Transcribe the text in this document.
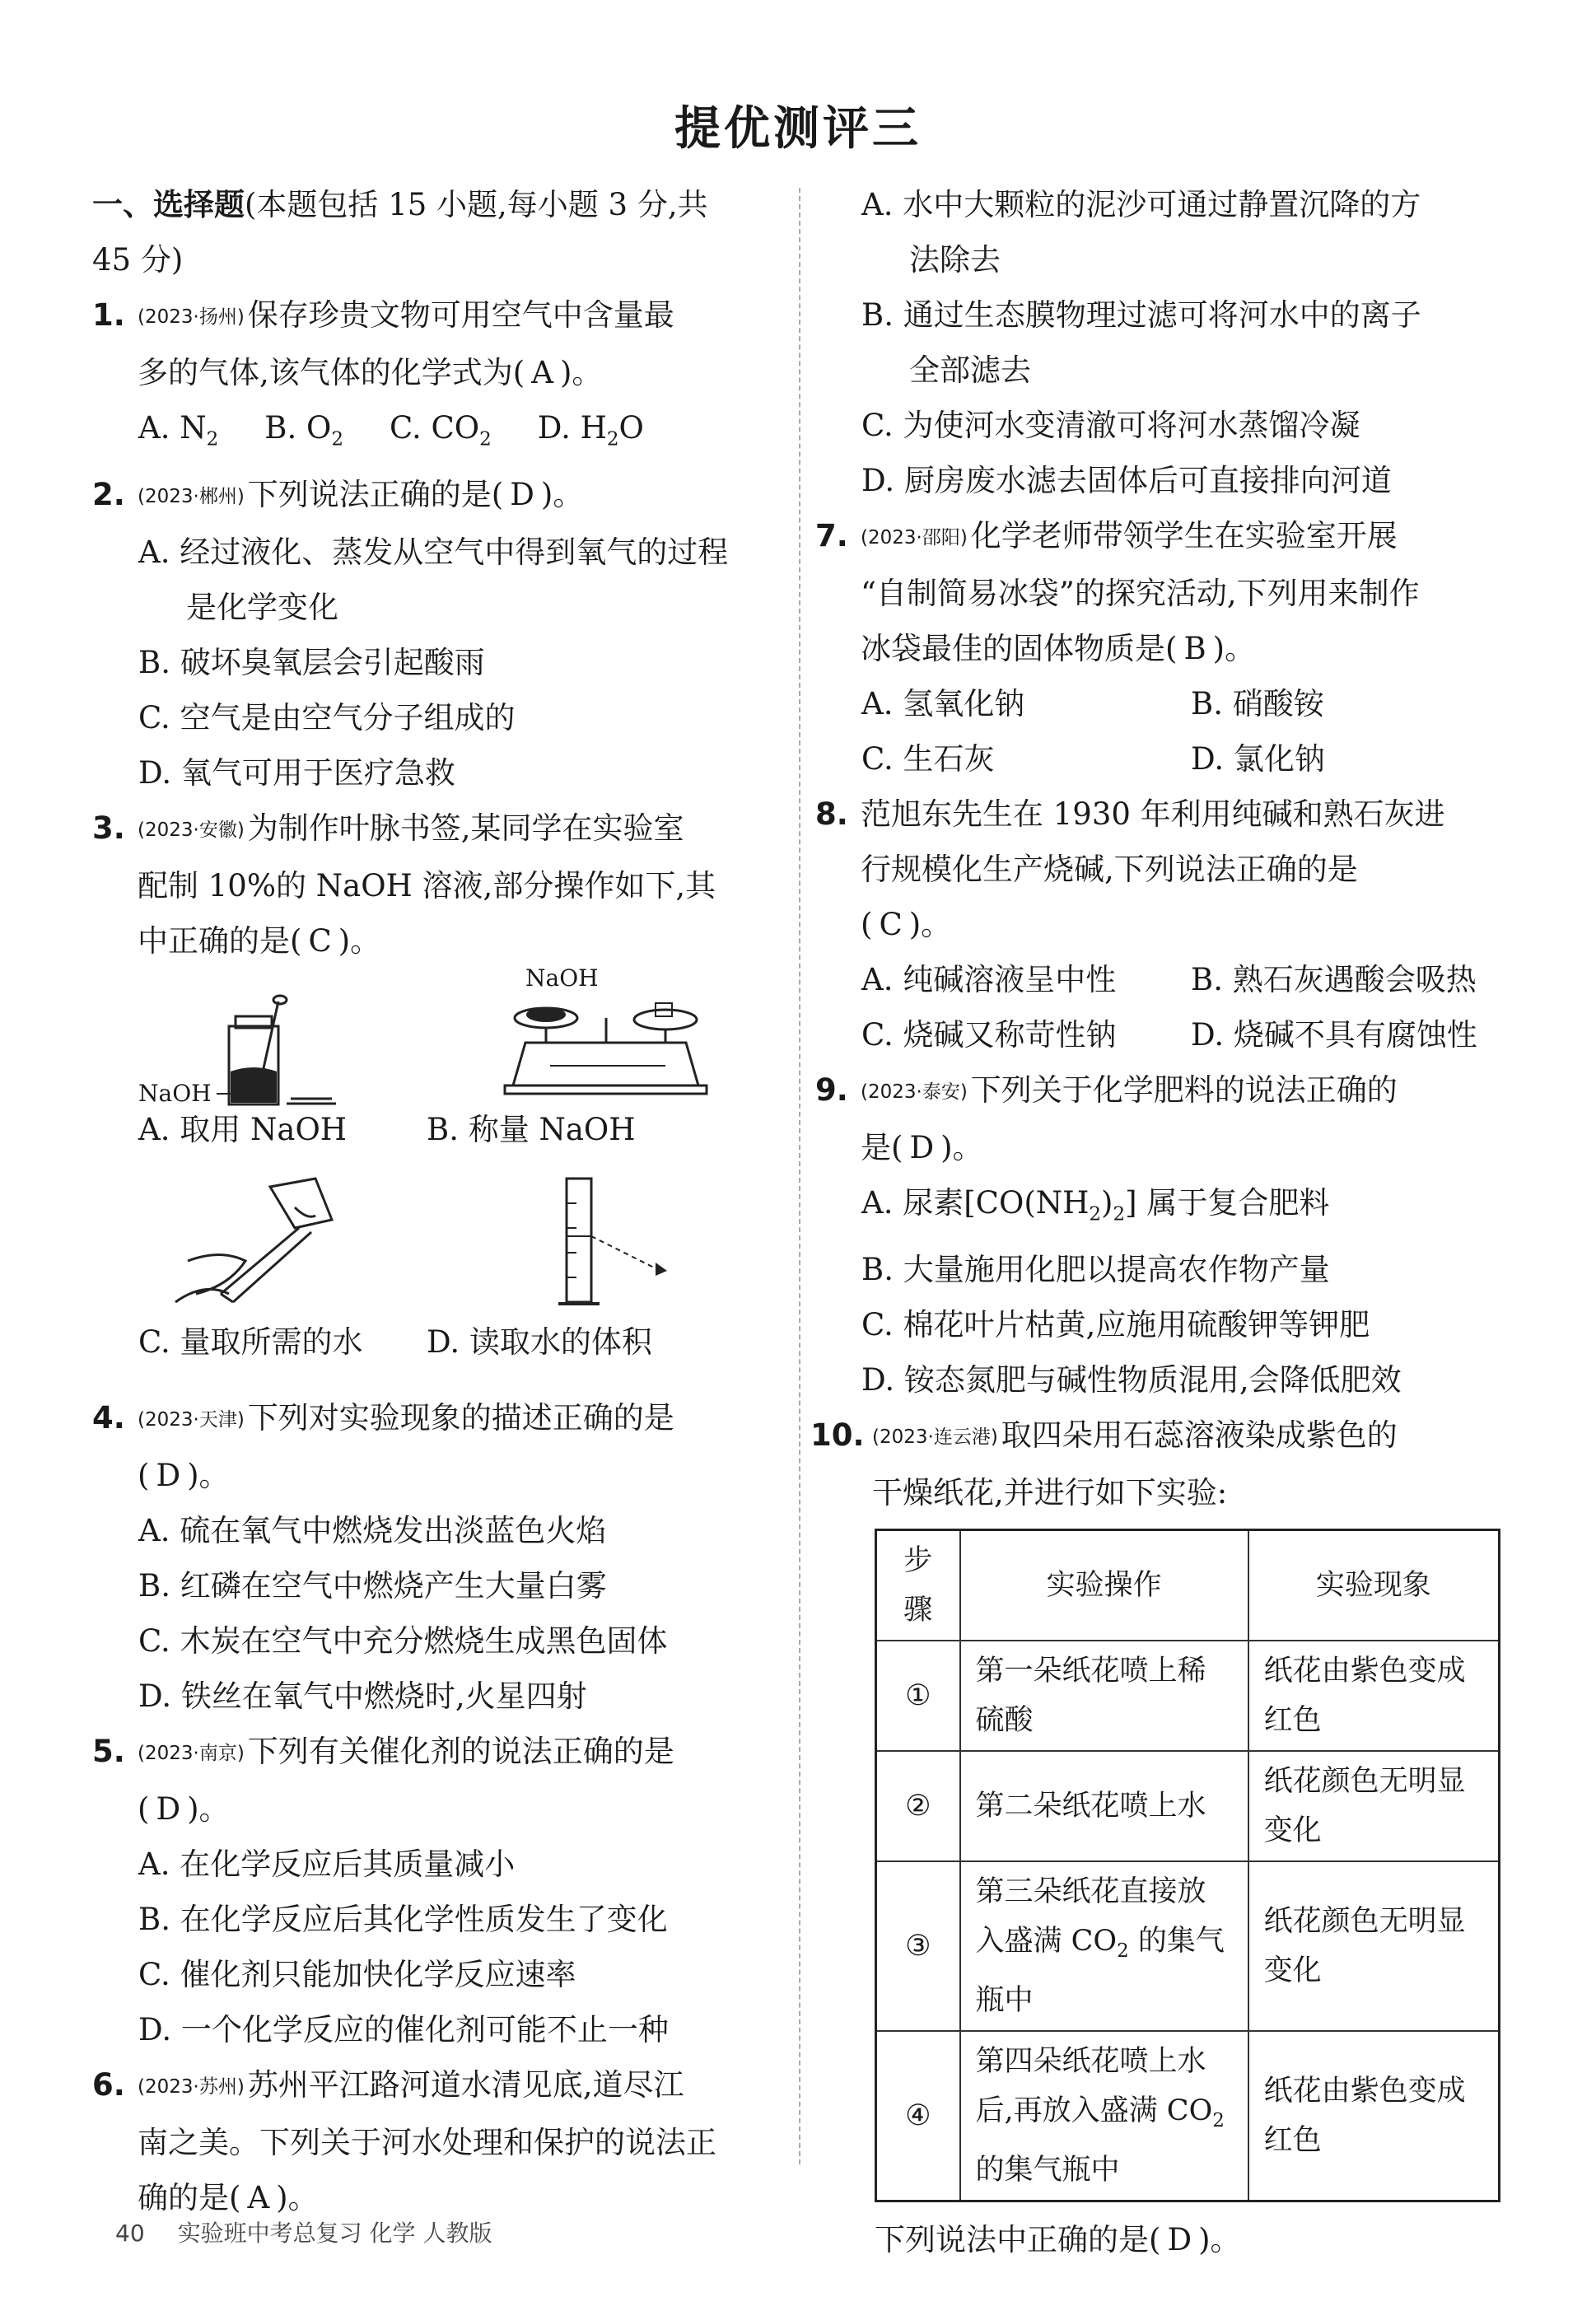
提优测评三
一、选择题(本题包括 15 小题,每小题 3 分,共
45 分)
1. (2023·扬州) 保存珍贵文物可用空气中含量最
多的气体,该气体的化学式为( A )。
A. $N_2$ B. $O_2$ C. $CO_2$ D. $H_2O$
2. (2023·郴州) 下列说法正确的是( D )。
A. 经过液化、蒸发从空气中得到氧气的过程
是化学变化
B. 破坏臭氧层会引起酸雨
C. 空气是由空气分子组成的
D. 氧气可用于医疗急救
3. (2023·安徽) 为制作叶脉书签,某同学在实验室
配制 10%的 NaOH 溶液,部分操作如下,其
中正确的是( C )。
NaOH
A. 取用 NaOH
NaOH
B. 称量 NaOH
C. 量取所需的水 D. 读取水的体积
4. (2023·天津) 下列对实验现象的描述正确的是
( D )。
A. 硫在氧气中燃烧发出淡蓝色火焰
B. 红磷在空气中燃烧产生大量白雾
C. 木炭在空气中充分燃烧生成黑色固体
D. 铁丝在氧气中燃烧时,火星四射
5. (2023·南京) 下列有关催化剂的说法正确的是
( D )。
A. 在化学反应后其质量减小
B. 在化学反应后其化学性质发生了变化
C. 催化剂只能加快化学反应速率
D. 一个化学反应的催化剂可能不止一种
6. (2023·苏州) 苏州平江路河道水清见底,道尽江
南之美。下列关于河水处理和保护的说法正
确的是( A )。
A. 水中大颗粒的泥沙可通过静置沉降的方
法除去
B. 通过生态膜物理过滤可将河水中的离子
全部滤去
C. 为使河水变清澈可将河水蒸馏冷凝
D. 厨房废水滤去固体后可直接排向河道
7. (2023·邵阳) 化学老师带领学生在实验室开展
“自制简易冰袋”的探究活动,下列用来制作
冰袋最佳的固体物质是( B )。
A. 氢氧化钠	B. 硝酸铵
C. 生石灰	D. 氯化钠
8. 范旭东先生在 1930 年利用纯碱和熟石灰进
行规模化生产烧碱,下列说法正确的是
( C )。
A. 纯碱溶液呈中性	B. 熟石灰遇酸会吸热
C. 烧碱又称苛性钠	D. 烧碱不具有腐蚀性
9. (2023·泰安) 下列关于化学肥料的说法正确的
是( D )。
A. 尿素$[CO(NH_2)_2]$ 属于复合肥料
B. 大量施用化肥以提高农作物产量
C. 棉花叶片枯黄,应施用硫酸钾等钾肥
D. 铵态氮肥与碱性物质混用,会降低肥效
10. (2023·连云港) 取四朵用石蕊溶液染成紫色的
干燥纸花,并进行如下实验:
步骤	实验操作	实验现象
①	第一朵纸花喷上稀硫酸	纸花由紫色变成红色
②	第二朵纸花喷上水	纸花颜色无明显变化
③	第三朵纸花直接放入盛满 $CO_2$ 的集气瓶中	纸花颜色无明显变化
④	第四朵纸花喷上水后,再放入盛满 $CO_2$的集气瓶中	纸花由紫色变成红色
下列说法中正确的是( D )。
40 实验班中考总复习 化学 人教版
